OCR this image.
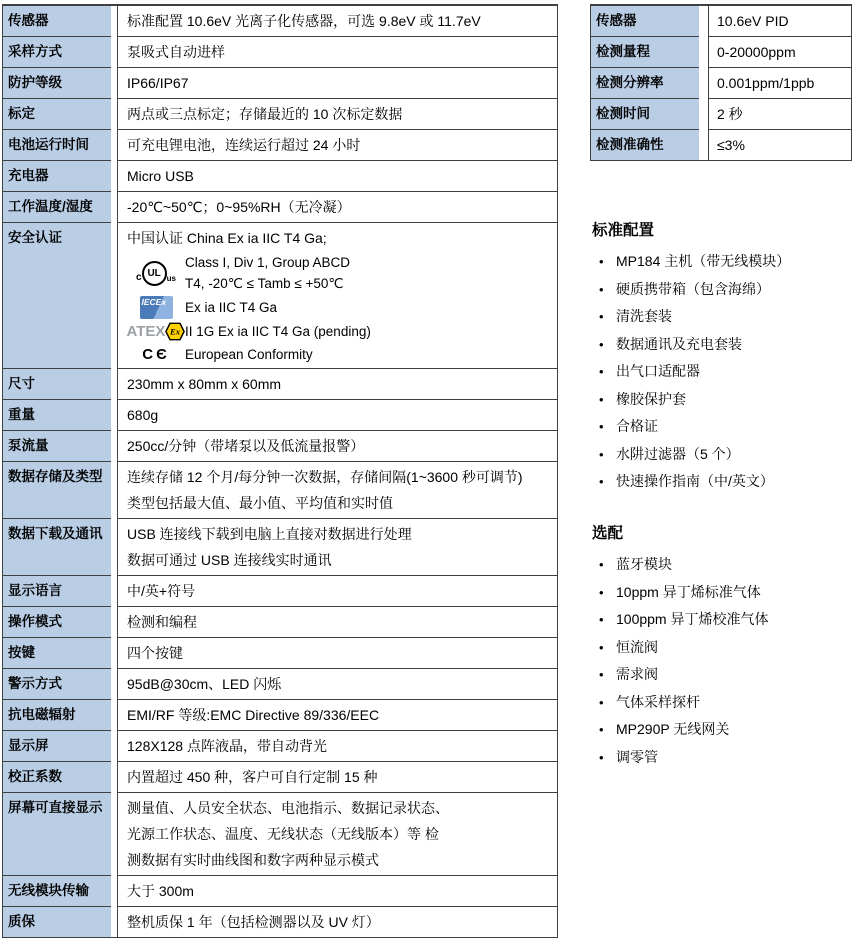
传感器	标准配置 10.6eV 光离子化传感器，可选 9.8eV 或 11.7eV
采样方式	泵吸式自动进样
防护等级	IP66/IP67
标定	两点或三点标定；存储最近的 10 次标定数据
电池运行时间	可充电锂电池，连续运行超过 24 小时
充电器	Micro USB
工作温度/湿度 -20℃~50℃；0~95%RH（无冷凝）
安全认证	中国认证 China Ex ia IIC T4 Ga;
c UL us
Class I, Div 1, Group ABCD
T4, -20℃ ≤ Tamb ≤ +50℃
IECEx	Ex ia IIC T4 Ga
ATEX Ex II 1G Ex ia IIC T4 Ga (pending)
CЄ European Conformity
尺寸	230mm x 80mm x 60mm
重量	680g
泵流量	250cc/分钟（带堵泵以及低流量报警）
数据存储及类型 连续存储 12 个月/每分钟一次数据，存储间隔(1~3600 秒可调节)
类型包括最大值、最小值、平均值和实时值
数据下载及通讯 USB 连接线下载到电脑上直接对数据进行处理
数据可通过 USB 连接线实时通讯
显示语言	中/英+符号
操作模式	检测和编程
按键	四个按键
警示方式	95dB@30cm、LED 闪烁
抗电磁辐射	EMI/RF 等级:EMC Directive 89/336/EEC
显示屏	128X128 点阵液晶，带自动背光
校正系数	内置超过 450 种，客户可自行定制 15 种
屏幕可直接显示 测量值、人员安全状态、电池指示、数据记录状态、
光源工作状态、温度、无线状态（无线版本）等 检
测数据有实时曲线图和数字两种显示模式
无线模块传输	大于 300m
质保	整机质保 1 年（包括检测器以及 UV 灯）
传感器	10.6eV PID
检测量程	0-20000ppm
检测分辨率	0.001ppm/1ppb
检测时间	2 秒
检测准确性	≤3%
标准配置
• MP184 主机（带无线模块）
• 硬质携带箱（包含海绵）
• 清洗套装
• 数据通讯及充电套装
• 出气口适配器
• 橡胶保护套
• 合格证
• 水阱过滤器（5 个）
• 快速操作指南（中/英文）
选配
• 蓝牙模块
• 10ppm 异丁烯标准气体
• 100ppm 异丁烯校准气体
• 恒流阀
• 需求阀
• 气体采样探杆
• MP290P 无线网关
• 调零管
